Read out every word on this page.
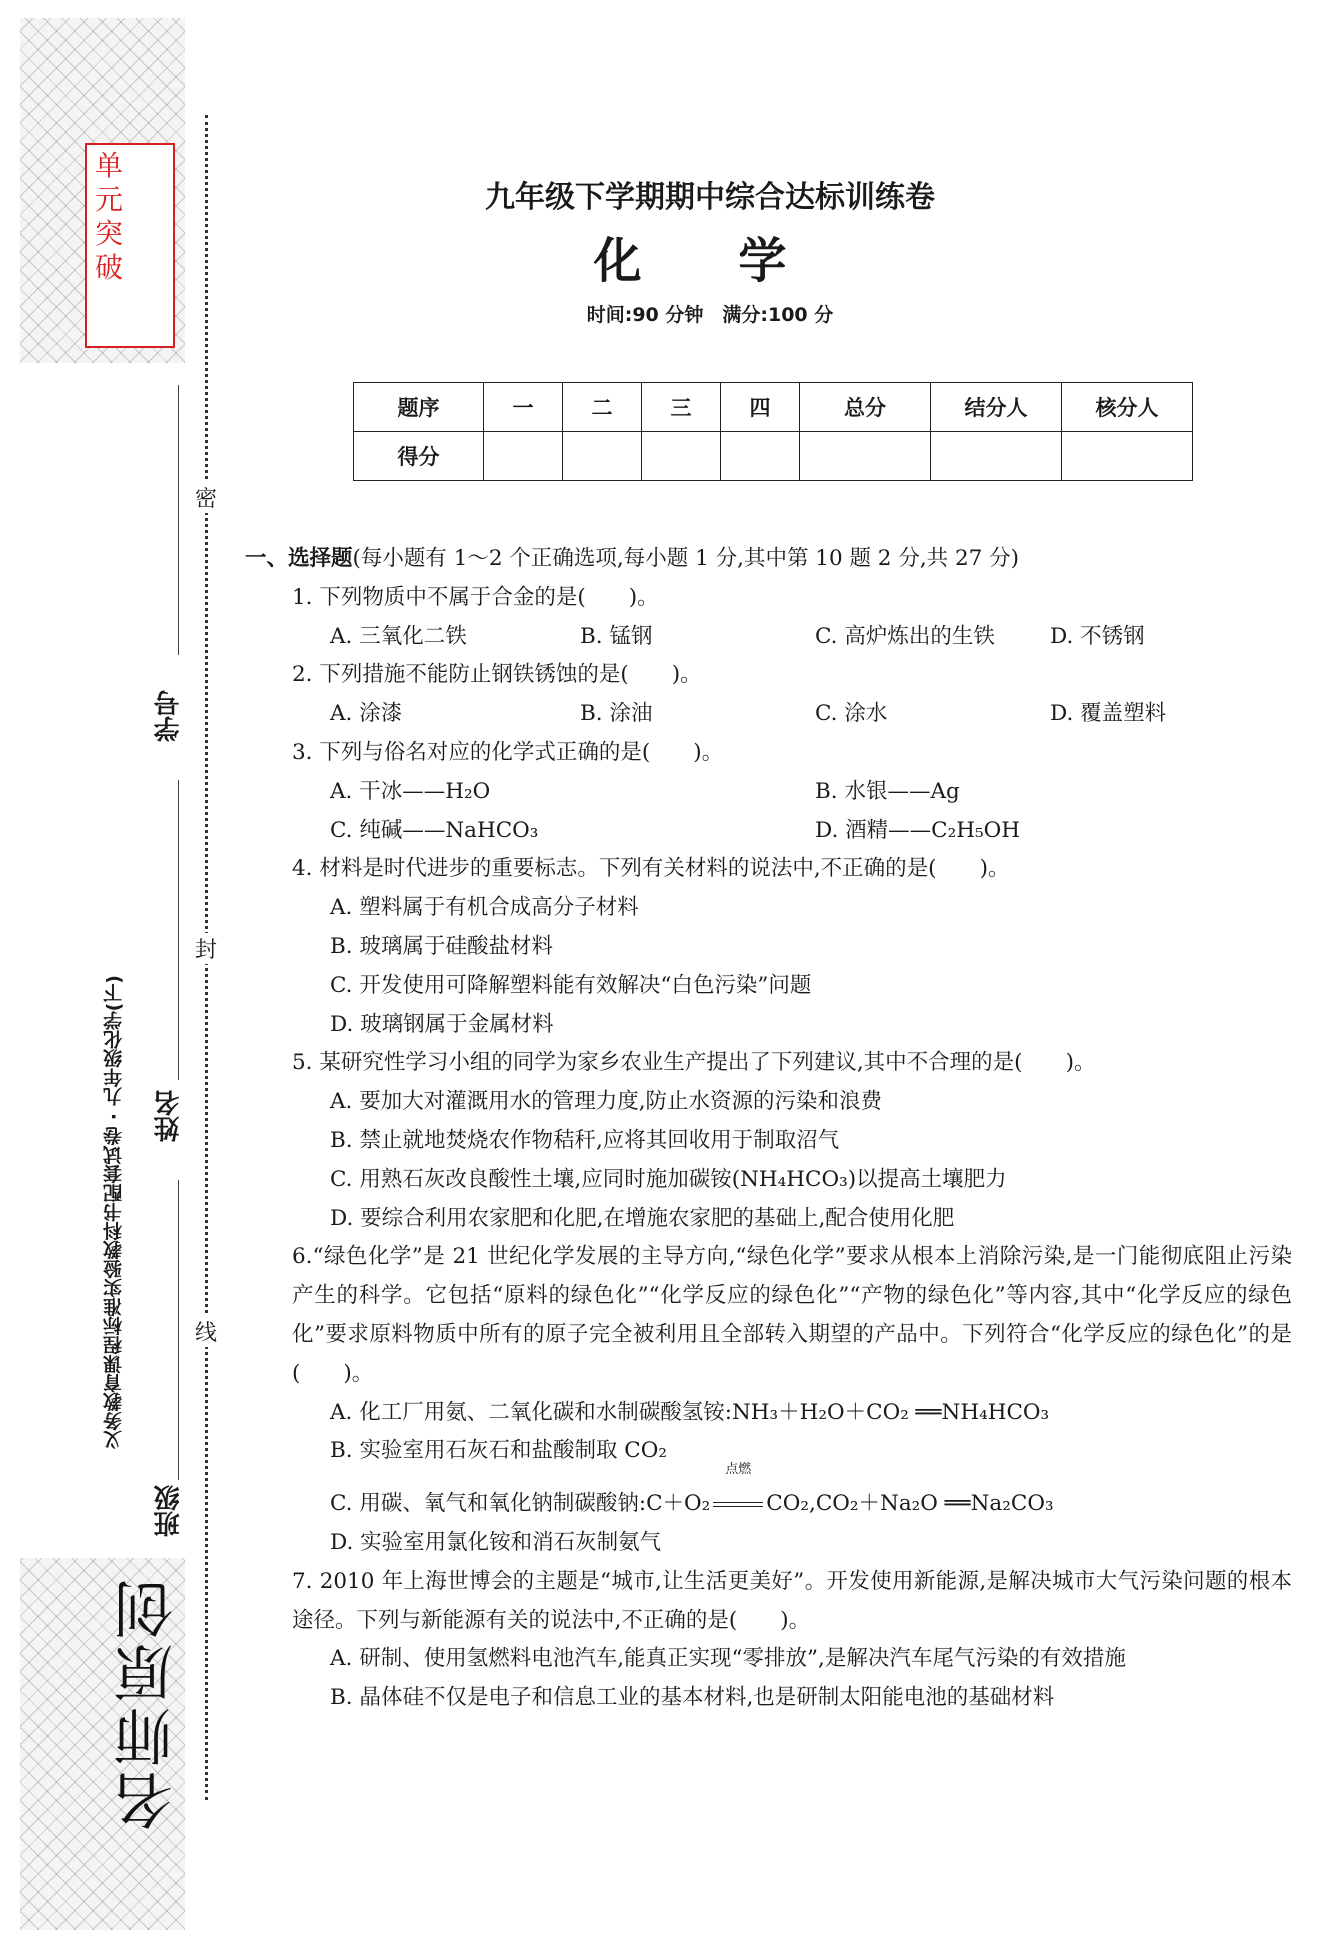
单
元
突
破
密
封
线
学号
姓名
班级
义务教育课程标准实验教科书配套试卷 · 九年级化学(下)
名师原创
九年级下学期期中综合达标训练卷
化 学
时间:90 分钟　满分:100 分
题序	一	二	三	四	总分	结分人	核分人
得分							

一、选择题(每小题有 1～2 个正确选项,每小题 1 分,其中第 10 题 2 分,共 27 分)

1. 下列物质中不属于合金的是(　　)。

A. 三氧化二铁	B. 锰钢	C. 高炉炼出的生铁	D. 不锈钢

2. 下列措施不能防止钢铁锈蚀的是(　　)。

A. 涂漆	B. 涂油	C. 涂水	D. 覆盖塑料

3. 下列与俗名对应的化学式正确的是(　　)。

A. 干冰——H₂O	B. 水银——Ag
C. 纯碱——NaHCO₃	D. 酒精——C₂H₅OH

4. 材料是时代进步的重要标志。下列有关材料的说法中,不正确的是(　　)。

A. 塑料属于有机合成高分子材料

B. 玻璃属于硅酸盐材料

C. 开发使用可降解塑料能有效解决“白色污染”问题

D. 玻璃钢属于金属材料

5. 某研究性学习小组的同学为家乡农业生产提出了下列建议,其中不合理的是(　　)。

A. 要加大对灌溉用水的管理力度,防止水资源的污染和浪费

B. 禁止就地焚烧农作物秸秆,应将其回收用于制取沼气

C. 用熟石灰改良酸性土壤,应同时施加碳铵(NH₄HCO₃)以提高土壤肥力

D. 要综合利用农家肥和化肥,在增施农家肥的基础上,配合使用化肥

6.“绿色化学”是 21 世纪化学发展的主导方向,“绿色化学”要求从根本上消除污染,是一门能彻底阻止污染产生的科学。它包括“原料的绿色化”“化学反应的绿色化”“产物的绿色化”等内容,其中“化学反应的绿色化”要求原料物质中所有的原子完全被利用且全部转入期望的产品中。下列符合“化学反应的绿色化”的是(　　)。

A. 化工厂用氨、二氧化碳和水制碳酸氢铵:NH₃＋H₂O＋CO₂ ══NH₄HCO₃

B. 实验室用石灰石和盐酸制取 CO₂

C. 用碳、氧气和氧化钠制碳酸钠:C＋O₂
点燃
CO₂,CO₂＋Na₂O ══Na₂CO₃

D. 实验室用氯化铵和消石灰制氨气

7. 2010 年上海世博会的主题是“城市,让生活更美好”。开发使用新能源,是解决城市大气污染问题的根本途径。下列与新能源有关的说法中,不正确的是(　　)。

A. 研制、使用氢燃料电池汽车,能真正实现“零排放”,是解决汽车尾气污染的有效措施

B. 晶体硅不仅是电子和信息工业的基本材料,也是研制太阳能电池的基础材料
